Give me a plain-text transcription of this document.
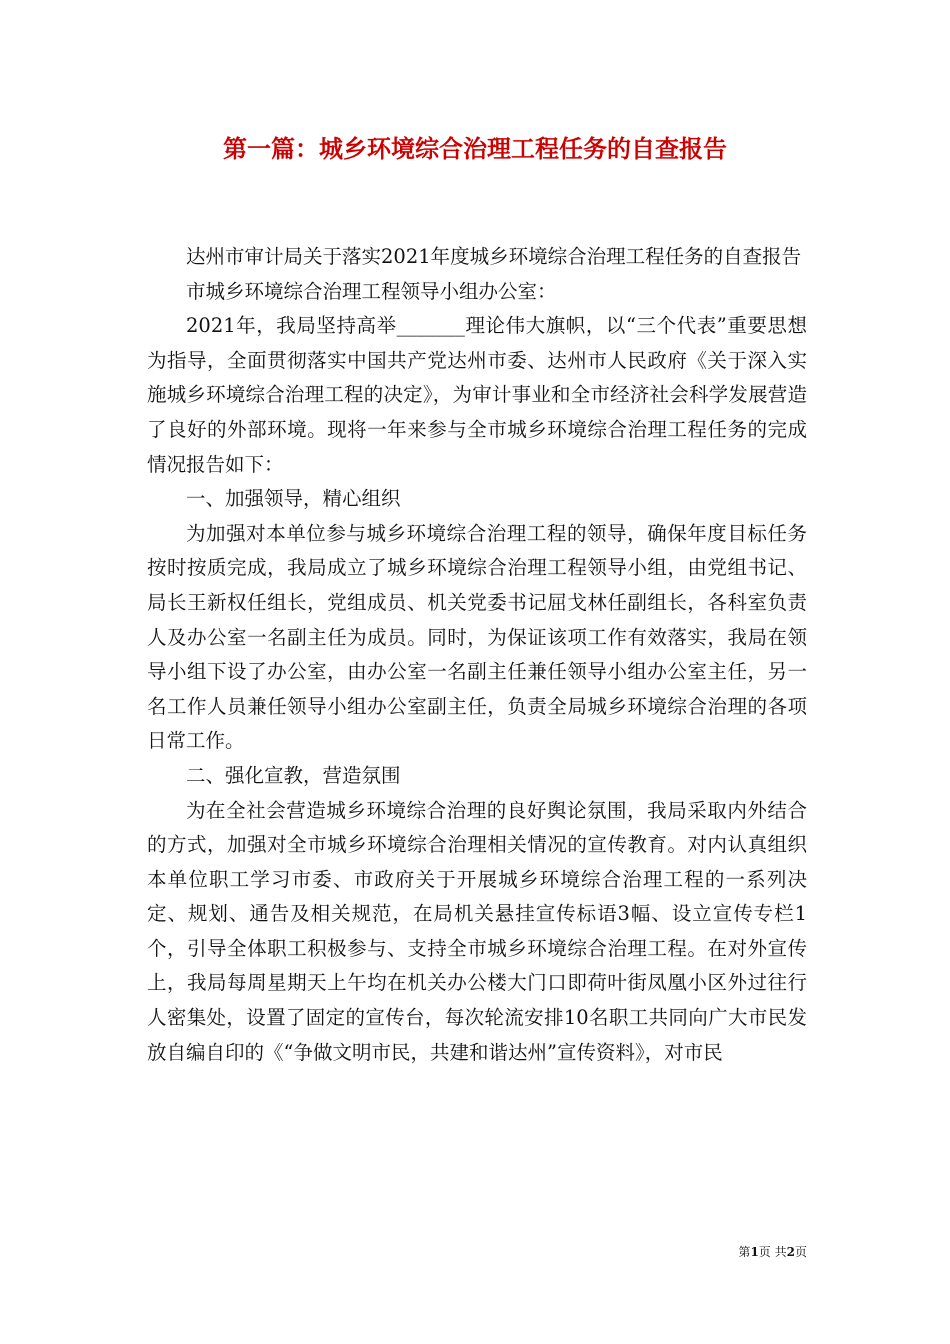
第一篇：城乡环境综合治理工程任务的自查报告

达州市审计局关于落实2021年度城乡环境综合治理工程任务的自查报告

市城乡环境综合治理工程领导小组办公室：

2021年，我局坚持高举_______理论伟大旗帜，以“三个代表”重要思想为指导，全面贯彻落实中国共产党达州市委、达州市人民政府《关于深入实施城乡环境综合治理工程的决定》，为审计事业和全市经济社会科学发展营造了良好的外部环境。现将一年来参与全市城乡环境综合治理工程任务的完成情况报告如下：

一、加强领导，精心组织

为加强对本单位参与城乡环境综合治理工程的领导，确保年度目标任务按时按质完成，我局成立了城乡环境综合治理工程领导小组，由党组书记、局长王新权任组长，党组成员、机关党委书记屈戈林任副组长，各科室负责人及办公室一名副主任为成员。同时，为保证该项工作有效落实，我局在领导小组下设了办公室，由办公室一名副主任兼任领导小组办公室主任，另一名工作人员兼任领导小组办公室副主任，负责全局城乡环境综合治理的各项日常工作。

二、强化宣教，营造氛围

为在全社会营造城乡环境综合治理的良好舆论氛围，我局采取内外结合的方式，加强对全市城乡环境综合治理相关情况的宣传教育。对内认真组织本单位职工学习市委、市政府关于开展城乡环境综合治理工程的一系列决定、规划、通告及相关规范，在局机关悬挂宣传标语3幅、设立宣传专栏1个，引导全体职工积极参与、支持全市城乡环境综合治理工程。在对外宣传上，我局每周星期天上午均在机关办公楼大门口即荷叶街凤凰小区外过往行人密集处，设置了固定的宣传台，每次轮流安排10名职工共同向广大市民发放自编自印的《“争做文明市民，共建和谐达州”宣传资料》，对市民

第1页 共2页
